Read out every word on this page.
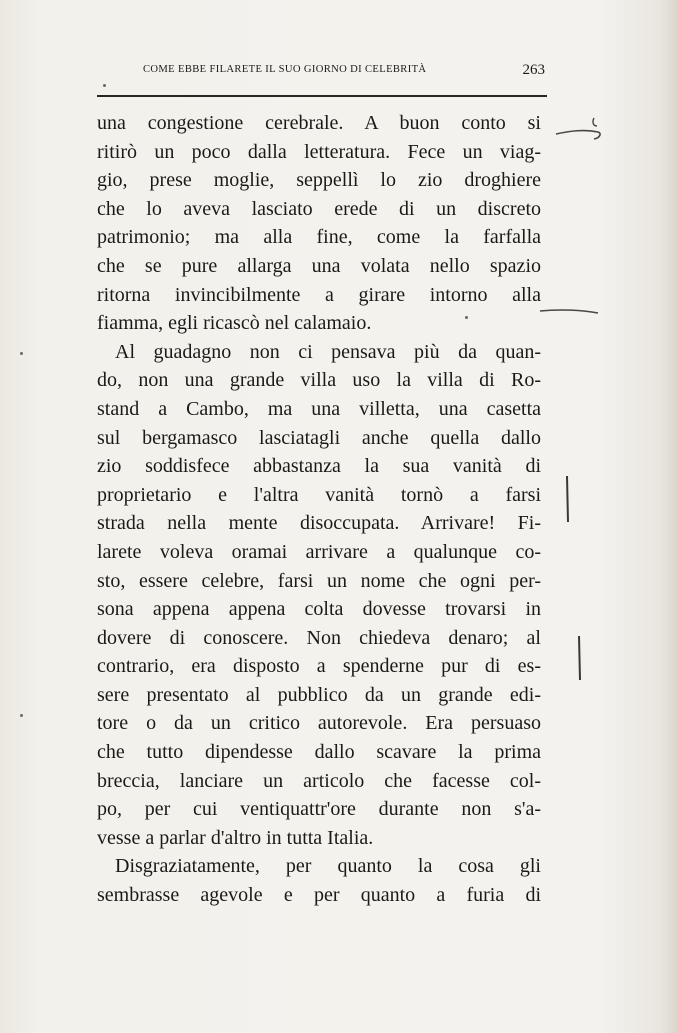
COME EBBE FILARETE IL SUO GIORNO DI CELEBRITÀ	263
una congestione cerebrale. A buon conto si
ritirò un poco dalla letteratura. Fece un viag-
gio, prese moglie, seppellì lo zio droghiere
che lo aveva lasciato erede di un discreto
patrimonio; ma alla fine, come la farfalla
che se pure allarga una volata nello spazio
ritorna invincibilmente a girare intorno alla
fiamma, egli ricascò nel calamaio.
Al guadagno non ci pensava più da quan-
do, non una grande villa uso la villa di Ro-
stand a Cambo, ma una villetta, una casetta
sul bergamasco lasciatagli anche quella dallo
zio soddisfece abbastanza la sua vanità di
proprietario e l'altra vanità tornò a farsi
strada nella mente disoccupata. Arrivare! Fi-
larete voleva oramai arrivare a qualunque co-
sto, essere celebre, farsi un nome che ogni per-
sona appena appena colta dovesse trovarsi in
dovere di conoscere. Non chiedeva denaro; al
contrario, era disposto a spenderne pur di es-
sere presentato al pubblico da un grande edi-
tore o da un critico autorevole. Era persuaso
che tutto dipendesse dallo scavare la prima
breccia, lanciare un articolo che facesse col-
po, per cui ventiquattr'ore durante non s'a-
vesse a parlar d'altro in tutta Italia.
Disgraziatamente, per quanto la cosa gli
sembrasse agevole e per quanto a furia di
